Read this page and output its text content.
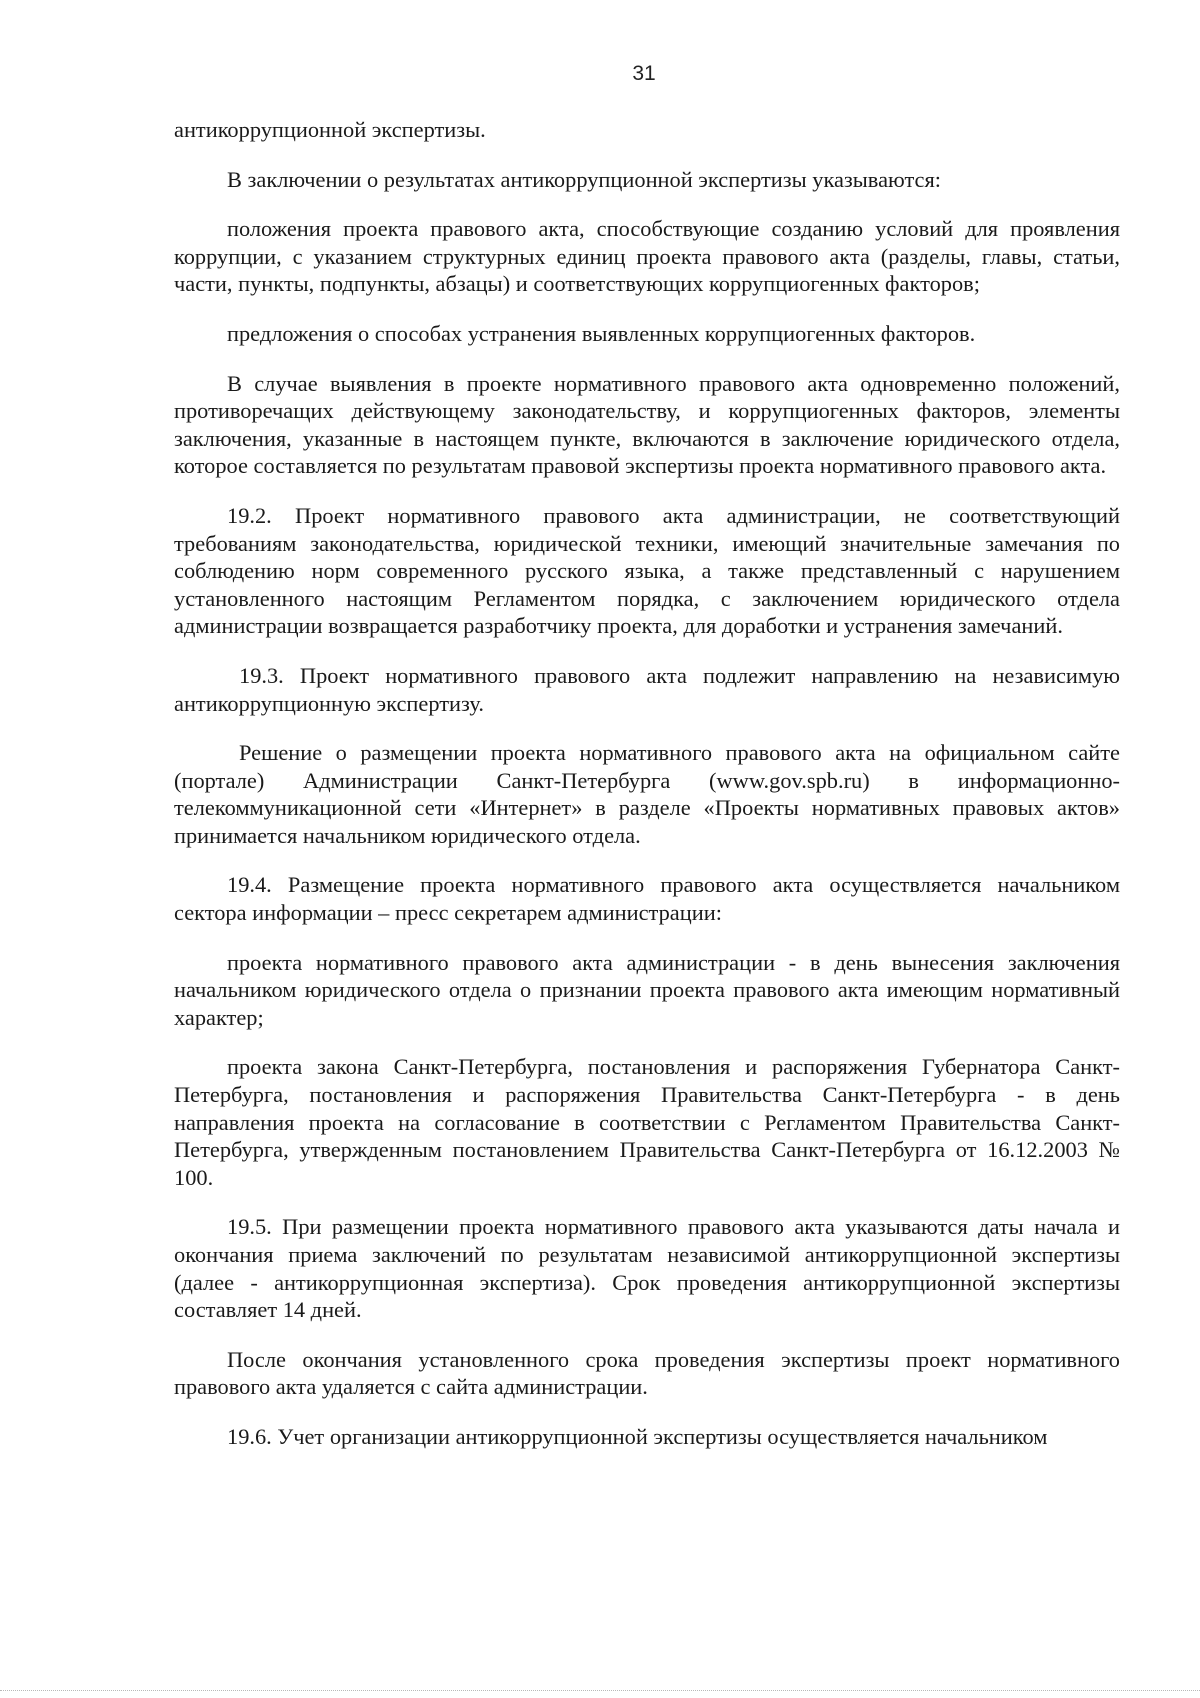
31

антикоррупционной экспертизы.

В заключении о результатах антикоррупционной экспертизы указываются:

положения проекта правового акта, способствующие созданию условий для проявления коррупции, с указанием структурных единиц проекта правового акта (разделы, главы, статьи, части, пункты, подпункты, абзацы) и соответствующих коррупциогенных факторов;

предложения о способах устранения выявленных коррупциогенных факторов.

В случае выявления в проекте нормативного правового акта одновременно положений, противоречащих действующему законодательству, и коррупциогенных факторов, элементы заключения, указанные в настоящем пункте, включаются в заключение юридического отдела, которое составляется по результатам правовой экспертизы проекта нормативного правового акта.

19.2. Проект нормативного правового акта администрации, не соответствующий требованиям законодательства, юридической техники, имеющий значительные замечания по соблюдению норм современного русского языка, а также представленный с нарушением установленного настоящим Регламентом порядка, с заключением юридического отдела администрации возвращается разработчику проекта, для доработки и устранения замечаний.

19.3. Проект нормативного правового акта подлежит направлению на независимую антикоррупционную экспертизу.

Решение о размещении проекта нормативного правового акта на официальном сайте (портале) Администрации Санкт-Петербурга (www.gov.spb.ru) в информационно-телекоммуникационной сети «Интернет» в разделе «Проекты нормативных правовых актов» принимается начальником юридического отдела.

19.4. Размещение проекта нормативного правового акта осуществляется начальником сектора информации – пресс секретарем администрации:

проекта нормативного правового акта администрации - в день вынесения заключения начальником юридического отдела о признании проекта правового акта имеющим нормативный характер;

проекта закона Санкт-Петербурга, постановления и распоряжения Губернатора Санкт-Петербурга, постановления и распоряжения Правительства Санкт-Петербурга - в день направления проекта на согласование в соответствии с Регламентом Правительства Санкт-Петербурга, утвержденным постановлением Правительства Санкт-Петербурга от 16.12.2003 № 100.

19.5. При размещении проекта нормативного правового акта указываются даты начала и окончания приема заключений по результатам независимой антикоррупционной экспертизы (далее - антикоррупционная экспертиза). Срок проведения антикоррупционной экспертизы составляет 14 дней.

После окончания установленного срока проведения экспертизы проект нормативного правового акта удаляется с сайта администрации.

19.6. Учет организации антикоррупционной экспертизы осуществляется начальником
